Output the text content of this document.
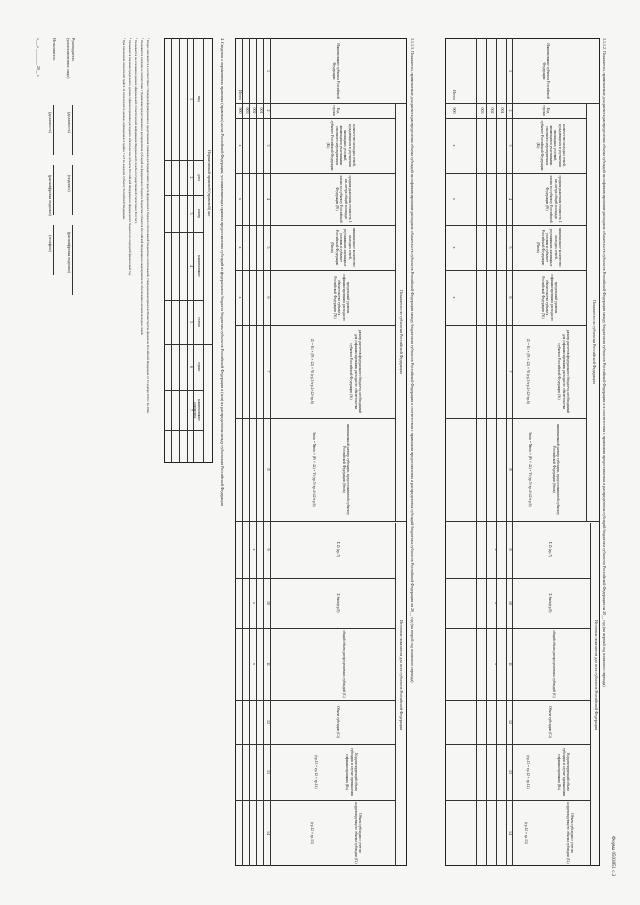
Форма 0503851 с.3
3.1.1.2. Показатели, применяемые для расчета распределения объема субсидий на софинансирование расходных обязательств субъектов Российской Федерации между бюджетами субъектов Российской Федерации и в соответствии с правилами предоставления и распределения субсидий бюджетам субъектов Российской Федерации на 20__ год (на первый год планового периода)
Показатели по субъектам Российской Федерации
Итоговые показатели для всех субъектов Российской Федерации
Наименование субъекта Российской Федерации
Код строки
количество молодых семей, нуждающихся в улучшении жилищных условий, являющихся участниками основного мероприятия в субъекте Российской Федерации (Кi)
средняя рыночная стоимость 1 кв. метра общей площади жилья по субъекту Российской Федерации (Рi)
минимальное количество молодых семей, улучшивших жилищные условия в субъекте Российской Федерации (Nmin)
предельный уровень софинансирования расходного обязательства субъекта Российской Федерации (Yi)
размер расчетов федерального бюджета, необходимый для софинансирования расходного обязательства субъекта Российской Федерации (Si)
Zi = Ki × (Pi × 42) × Yi (гр.3×гр.4×42×гр.6)
минимальный размер субсидии, предоставляемой субъекту Российской Федерации (Smin)
Smin = Nmin × (Pi × 42) × Yi (гр.5×гр.4×42×гр.6)
Σ Zi (гр.7)
Σ Smin(гр.8)
общий объем распределяемых субсидий (С)
Объем субсидии (Сi)
Корректирующий объем субсидии в случае превышения софинансирования (Кs)
(гр.13 = гр.12 × гр.14)
Объем субсидии с учетом корректирующего объема субсидии (Сi)
(гр.12 + гр.13)
1
2
3
4
5
6
7
8
9
10
11
12
13
14
001
002
003
Итого
900
x
x
x
x
x
x
x
3.1.1.3. Показатели, применяемые для расчета распределения объема субсидий на софинансирование расходных обязательств субъектов Российской Федерации между бюджетами субъектов Российской Федерации в соответствии с правилами предоставления и распределения субсидий бюджетам субъектов Российской Федерации на 20__ год (на второй год планового периода)
Показатели по субъектам Российской Федерации
Итоговые показатели для всех субъектов Российской Федерации
Наименование субъекта Российской Федерации
Код строки
количество молодых семей, нуждающихся в улучшении жилищных условий, являющихся участниками основного мероприятия в субъекте Российской Федерации (Кi)
средняя рыночная стоимость 1 кв. метра общей площади жилья по субъекту Российской Федерации (Рi)
минимальное количество молодых семей, улучшивших жилищные условия в субъекте Российской Федерации (Nmin)
предельный уровень софинансирования расходного обязательства субъекта Российской Федерации (Yi)
размер расчетов федерального бюджета, необходимый для софинансирования расходного обязательства субъекта Российской Федерации (Si)
Zi = Ki × (Pi × 42) × Yi (гр.3×гр.4×42×гр.6)
минимальный размер субсидии, предоставляемой субъекту Российской Федерации (Smin)
Smin = Nmin × (Pi × 42) × Yi (гр.5×гр.4×42×гр.6)
Σ Zi (гр.7)
Σ Smin(гр.8)
общий объем распределяемых субсидий (С)
Объем субсидии (Сi)
Корректирующий объем субсидии в случае превышения софинансирования (Кs)
(гр.13 = гр.12 × гр.14)
Объем субсидии с учетом корректирующего объема субсидии (Сi)
(гр.12 + гр.13)
1
2
3
4
5
6
7
8
9
10
11
12
13
14
001
002
003
Итого
900
x
x
x
x
x
x
x
4. Сведения о нормативных правовых (правовых) актах Российской Федерации, устанавливающих правила предоставления субсидий из федерального бюджета бюджетам субъектов Российской Федерации и (или) их распределения между субъектами Российской Федерации
Нормативный правовой (правовой) акт
вид
дата
номер
наименование
статья
пункт
наименование документа
1
2
3
4
5
6
7
Руководитель
(уполномоченное лицо)
(должность)
(подпись)
(расшифровка подписи)
Исполнитель
(должность)
(расшифровка подписи)
(телефон)
«___» ________ 20__ г.	¹ Раздел заполняется в соответствии с Порядком формирования и представления главными распорядителями средств федерального бюджета обоснований бюджетных ассигнований, утвержденным приказом Министерства финансов Российской Федерации от 15 ноября 2016 г. № 209н.
² Указывается значение в соответствии с Правилами предоставления и распределения субсидий из федерального бюджета бюджетам субъектов Российской Федерации на мероприятия по обеспечению жильем молодых семей.
³ Указывается на основании данных официальной статистической информации Федеральной службы государственной статистики (Росстат).
⁴ Указывается значение предельного уровня софинансирования расходного обязательства субъекта Российской Федерации из федерального бюджета на очередной финансовый год.
⁵ При заполнении показателей граф 9-14 используются данные, приведенные в графах 7 и 8 по каждому субъекту Российской Федерации.
